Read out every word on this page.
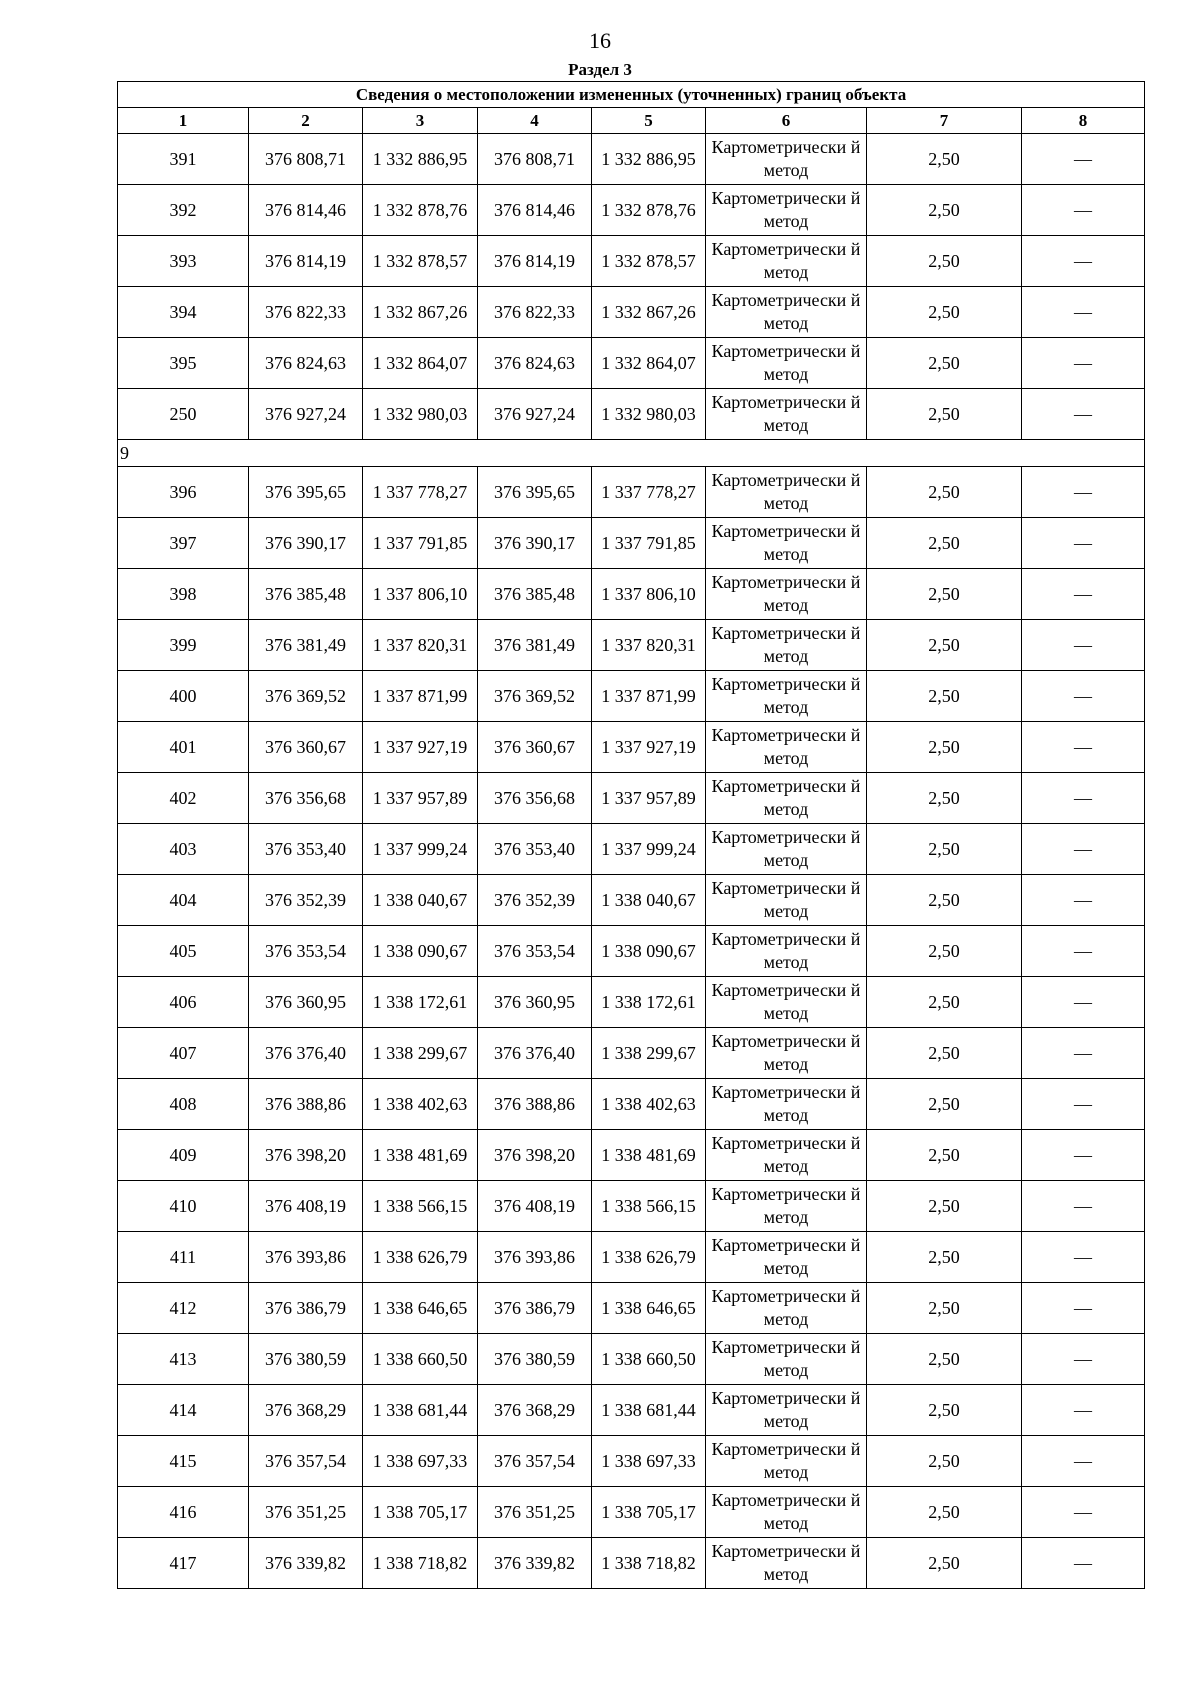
16
Раздел 3
Сведения о местоположении измененных (уточненных) границ объекта							
1	2	3	4	5	6	7	8
391	376 808,71	1 332 886,95	376 808,71	1 332 886,95	Картометрически й метод	2,50	—
392	376 814,46	1 332 878,76	376 814,46	1 332 878,76	Картометрически й метод	2,50	—
393	376 814,19	1 332 878,57	376 814,19	1 332 878,57	Картометрически й метод	2,50	—
394	376 822,33	1 332 867,26	376 822,33	1 332 867,26	Картометрически й метод	2,50	—
395	376 824,63	1 332 864,07	376 824,63	1 332 864,07	Картометрически й метод	2,50	—
250	376 927,24	1 332 980,03	376 927,24	1 332 980,03	Картометрически й метод	2,50	—
9							
396	376 395,65	1 337 778,27	376 395,65	1 337 778,27	Картометрически й метод	2,50	—
397	376 390,17	1 337 791,85	376 390,17	1 337 791,85	Картометрически й метод	2,50	—
398	376 385,48	1 337 806,10	376 385,48	1 337 806,10	Картометрически й метод	2,50	—
399	376 381,49	1 337 820,31	376 381,49	1 337 820,31	Картометрически й метод	2,50	—
400	376 369,52	1 337 871,99	376 369,52	1 337 871,99	Картометрически й метод	2,50	—
401	376 360,67	1 337 927,19	376 360,67	1 337 927,19	Картометрически й метод	2,50	—
402	376 356,68	1 337 957,89	376 356,68	1 337 957,89	Картометрически й метод	2,50	—
403	376 353,40	1 337 999,24	376 353,40	1 337 999,24	Картометрически й метод	2,50	—
404	376 352,39	1 338 040,67	376 352,39	1 338 040,67	Картометрически й метод	2,50	—
405	376 353,54	1 338 090,67	376 353,54	1 338 090,67	Картометрически й метод	2,50	—
406	376 360,95	1 338 172,61	376 360,95	1 338 172,61	Картометрически й метод	2,50	—
407	376 376,40	1 338 299,67	376 376,40	1 338 299,67	Картометрически й метод	2,50	—
408	376 388,86	1 338 402,63	376 388,86	1 338 402,63	Картометрически й метод	2,50	—
409	376 398,20	1 338 481,69	376 398,20	1 338 481,69	Картометрически й метод	2,50	—
410	376 408,19	1 338 566,15	376 408,19	1 338 566,15	Картометрически й метод	2,50	—
411	376 393,86	1 338 626,79	376 393,86	1 338 626,79	Картометрически й метод	2,50	—
412	376 386,79	1 338 646,65	376 386,79	1 338 646,65	Картометрически й метод	2,50	—
413	376 380,59	1 338 660,50	376 380,59	1 338 660,50	Картометрически й метод	2,50	—
414	376 368,29	1 338 681,44	376 368,29	1 338 681,44	Картометрически й метод	2,50	—
415	376 357,54	1 338 697,33	376 357,54	1 338 697,33	Картометрически й метод	2,50	—
416	376 351,25	1 338 705,17	376 351,25	1 338 705,17	Картометрически й метод	2,50	—
417	376 339,82	1 338 718,82	376 339,82	1 338 718,82	Картометрически й метод	2,50	—
